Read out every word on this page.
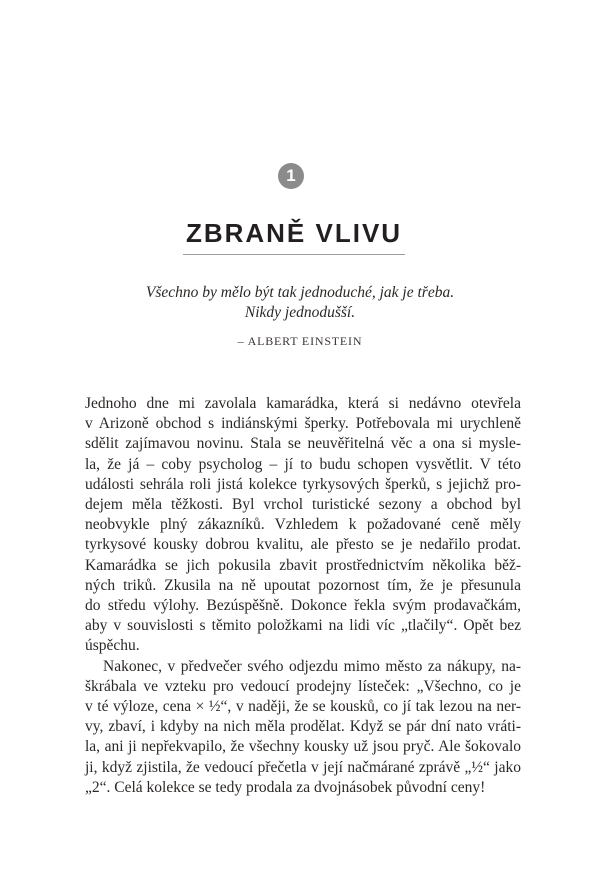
1
ZBRANĚ VLIVU
Všechno by mělo být tak jednoduché, jak je třeba.
Nikdy jednodušší.
– ALBERT EINSTEIN
Jednoho dne mi zavolala kamarádka, která si nedávno otevřela
v Arizoně obchod s indiánskými šperky. Potřebovala mi urychleně
sdělit zajímavou novinu. Stala se neuvěřitelná věc a ona si mysle-
la, že já – coby psycholog – jí to budu schopen vysvětlit. V této
události sehrála roli jistá kolekce tyrkysových šperků, s jejichž pro-
dejem měla těžkosti. Byl vrchol turistické sezony a obchod byl
neobvykle plný zákazníků. Vzhledem k požadované ceně měly
tyrkysové kousky dobrou kvalitu, ale přesto se je nedařilo prodat.
Kamarádka se jich pokusila zbavit prostřednictvím několika běž-
ných triků. Zkusila na ně upoutat pozornost tím, že je přesunula
do středu výlohy. Bezúspěšně. Dokonce řekla svým prodavačkám,
aby v souvislosti s těmito položkami na lidi víc „tlačily“. Opět bez
úspěchu.
Nakonec, v předvečer svého odjezdu mimo město za nákupy, na-
škrábala ve vzteku pro vedoucí prodejny lísteček: „Všechno, co je
v té výloze, cena × ½“, v naději, že se kousků, co jí tak lezou na ner-
vy, zbaví, i kdyby na nich měla prodělat. Když se pár dní nato vráti-
la, ani ji nepřekvapilo, že všechny kousky už jsou pryč. Ale šokovalo
ji, když zjistila, že vedoucí přečetla v její načmárané zprávě „½“ jako
„2“. Celá kolekce se tedy prodala za dvojnásobek původní ceny!
